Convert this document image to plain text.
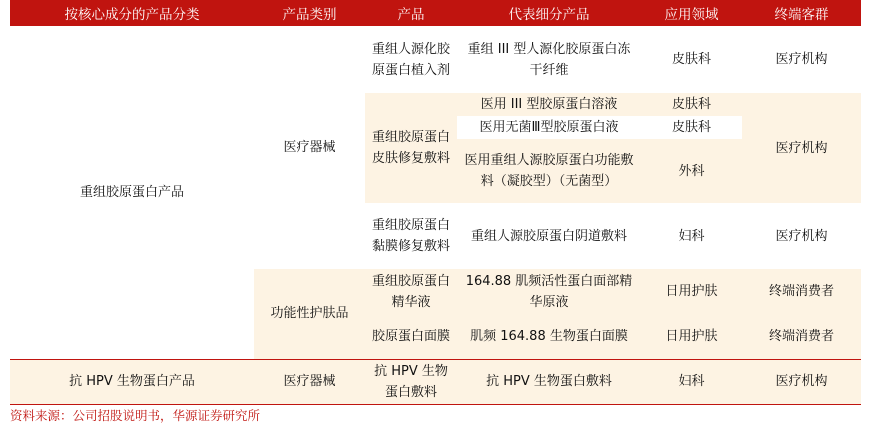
按核心成分的产品分类	产品类别	产品	代表细分产品	应用领域	终端客群
重组胶原蛋白产品	医疗器械	重组人源化胶原蛋白植入剂	重组 III 型人源化胶原蛋白冻干纤维	皮肤科	医疗机构
		重组胶原蛋白皮肤修复敷料	医用 III 型胶原蛋白溶液	皮肤科	医疗机构
			医用无菌Ⅲ型胶原蛋白液	皮肤科	
			医用重组人源胶原蛋白功能敷料（凝胶型）（无菌型）	外科	
		重组胶原蛋白黏膜修复敷料	重组人源胶原蛋白阴道敷料	妇科	医疗机构

	功能性护肤品	重组胶原蛋白精华液	164.88 肌频活性蛋白面部精华原液	日用护肤	终端消费者
		胶原蛋白面膜	肌频 164.88 生物蛋白面膜	日用护肤	终端消费者
抗 HPV 生物蛋白产品	医疗器械	抗 HPV 生物蛋白敷料	抗 HPV 生物蛋白敷料	妇科	医疗机构
资料来源：公司招股说明书，华源证券研究所
